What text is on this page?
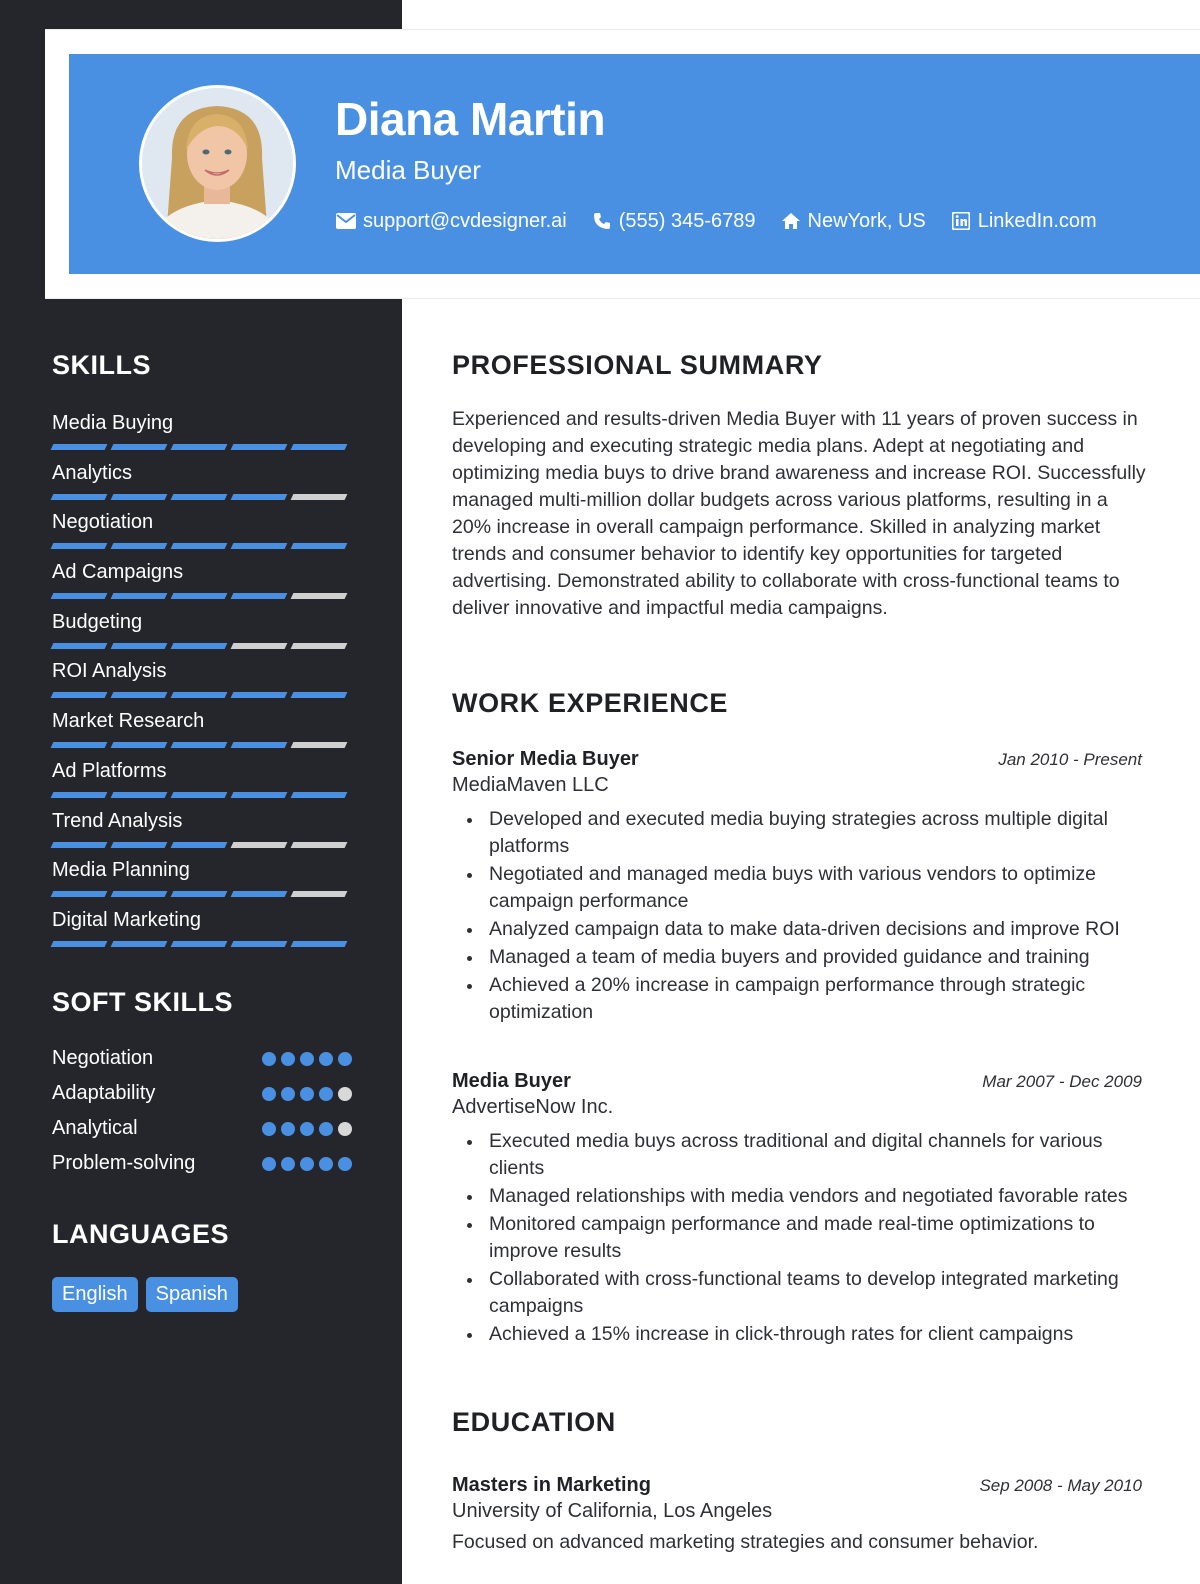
Diana Martin
Media Buyer
support@cvdesigner.ai	(555) 345-6789	NewYork, US	LinkedIn.com
SKILLS
Media Buying
Analytics
Negotiation
Ad Campaigns
Budgeting
ROI Analysis
Market Research
Ad Platforms
Trend Analysis
Media Planning
Digital Marketing
SOFT SKILLS
Negotiation
Adaptability
Analytical
Problem-solving
LANGUAGES
English	Spanish
PROFESSIONAL SUMMARY

Experienced and results-driven Media Buyer with 11 years of proven success in developing and executing strategic media plans. Adept at negotiating and optimizing media buys to drive brand awareness and increase ROI. Successfully managed multi-million dollar budgets across various platforms, resulting in a 20% increase in overall campaign performance. Skilled in analyzing market trends and consumer behavior to identify key opportunities for targeted advertising. Demonstrated ability to collaborate with cross-functional teams to deliver innovative and impactful media campaigns.

WORK EXPERIENCE
Senior Media Buyer	Jan 2010 - Present
MediaMaven LLC
Developed and executed media buying strategies across multiple digital platforms
Negotiated and managed media buys with various vendors to optimize campaign performance
Analyzed campaign data to make data-driven decisions and improve ROI
Managed a team of media buyers and provided guidance and training
Achieved a 20% increase in campaign performance through strategic optimization
Media Buyer	Mar 2007 - Dec 2009
AdvertiseNow Inc.
Executed media buys across traditional and digital channels for various clients
Managed relationships with media vendors and negotiated favorable rates
Monitored campaign performance and made real-time optimizations to improve results
Collaborated with cross-functional teams to develop integrated marketing campaigns
Achieved a 15% increase in click-through rates for client campaigns
EDUCATION
Masters in Marketing	Sep 2008 - May 2010
University of California, Los Angeles
Focused on advanced marketing strategies and consumer behavior.
